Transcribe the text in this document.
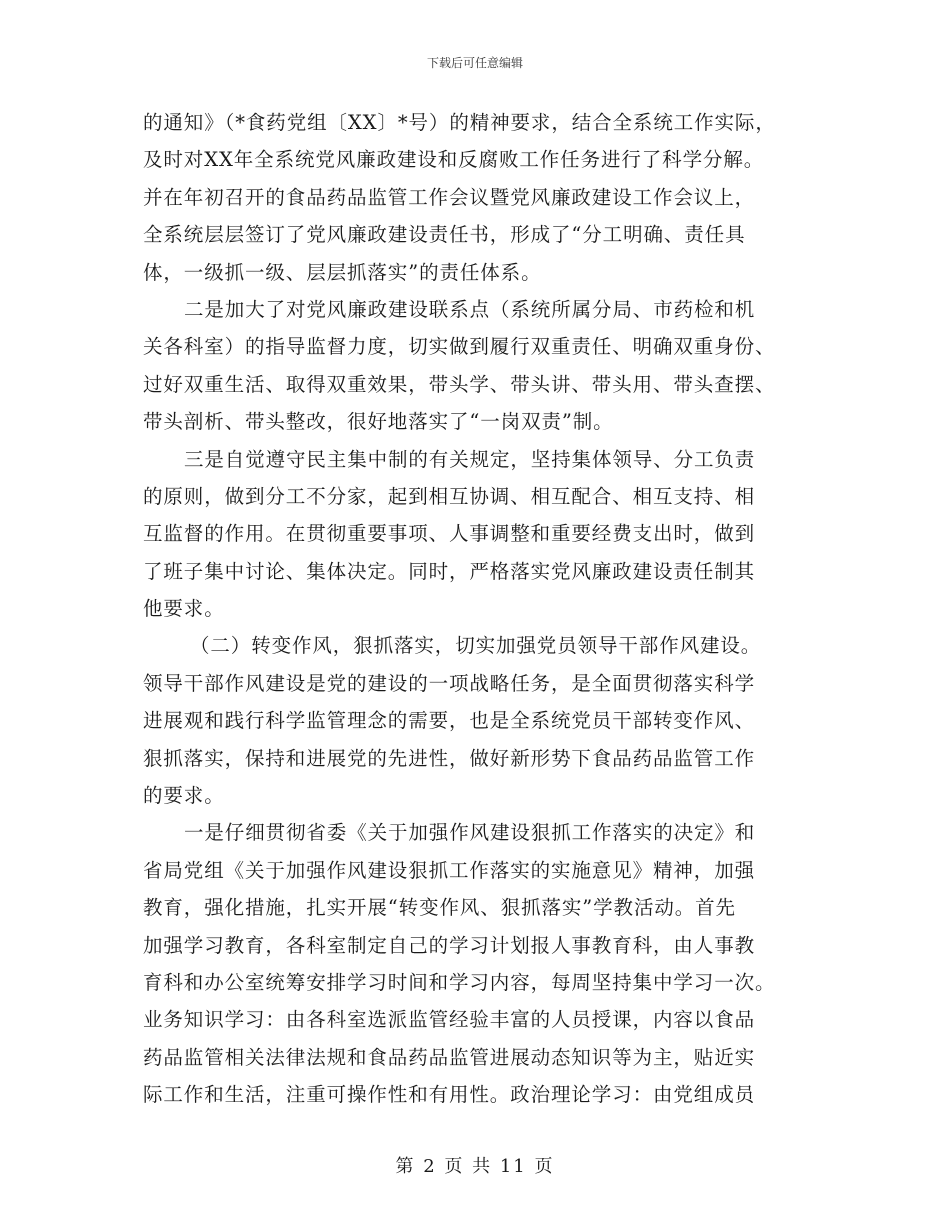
下载后可任意编辑
的通知》（*食药党组〔XX〕*号）的精神要求，结合全系统工作实际，
及时对XX年全系统党风廉政建设和反腐败工作任务进行了科学分解。
并在年初召开的食品药品监管工作会议暨党风廉政建设工作会议上，
全系统层层签订了党风廉政建设责任书，形成了“分工明确、责任具
体，一级抓一级、层层抓落实”的责任体系。
二是加大了对党风廉政建设联系点（系统所属分局、市药检和机
关各科室）的指导监督力度，切实做到履行双重责任、明确双重身份、
过好双重生活、取得双重效果，带头学、带头讲、带头用、带头查摆、
带头剖析、带头整改，很好地落实了“一岗双责”制。
三是自觉遵守民主集中制的有关规定，坚持集体领导、分工负责
的原则，做到分工不分家，起到相互协调、相互配合、相互支持、相
互监督的作用。在贯彻重要事项、人事调整和重要经费支出时，做到
了班子集中讨论、集体决定。同时，严格落实党风廉政建设责任制其
他要求。
（二）转变作风，狠抓落实，切实加强党员领导干部作风建设。
领导干部作风建设是党的建设的一项战略任务，是全面贯彻落实科学
进展观和践行科学监管理念的需要，也是全系统党员干部转变作风、
狠抓落实，保持和进展党的先进性，做好新形势下食品药品监管工作
的要求。
一是仔细贯彻省委《关于加强作风建设狠抓工作落实的决定》和
省局党组《关于加强作风建设狠抓工作落实的实施意见》精神，加强
教育，强化措施，扎实开展“转变作风、狠抓落实”学教活动。首先
加强学习教育，各科室制定自己的学习计划报人事教育科，由人事教
育科和办公室统筹安排学习时间和学习内容，每周坚持集中学习一次。
业务知识学习：由各科室选派监管经验丰富的人员授课，内容以食品
药品监管相关法律法规和食品药品监管进展动态知识等为主，贴近实
际工作和生活，注重可操作性和有用性。政治理论学习：由党组成员
第 2 页 共 11 页
